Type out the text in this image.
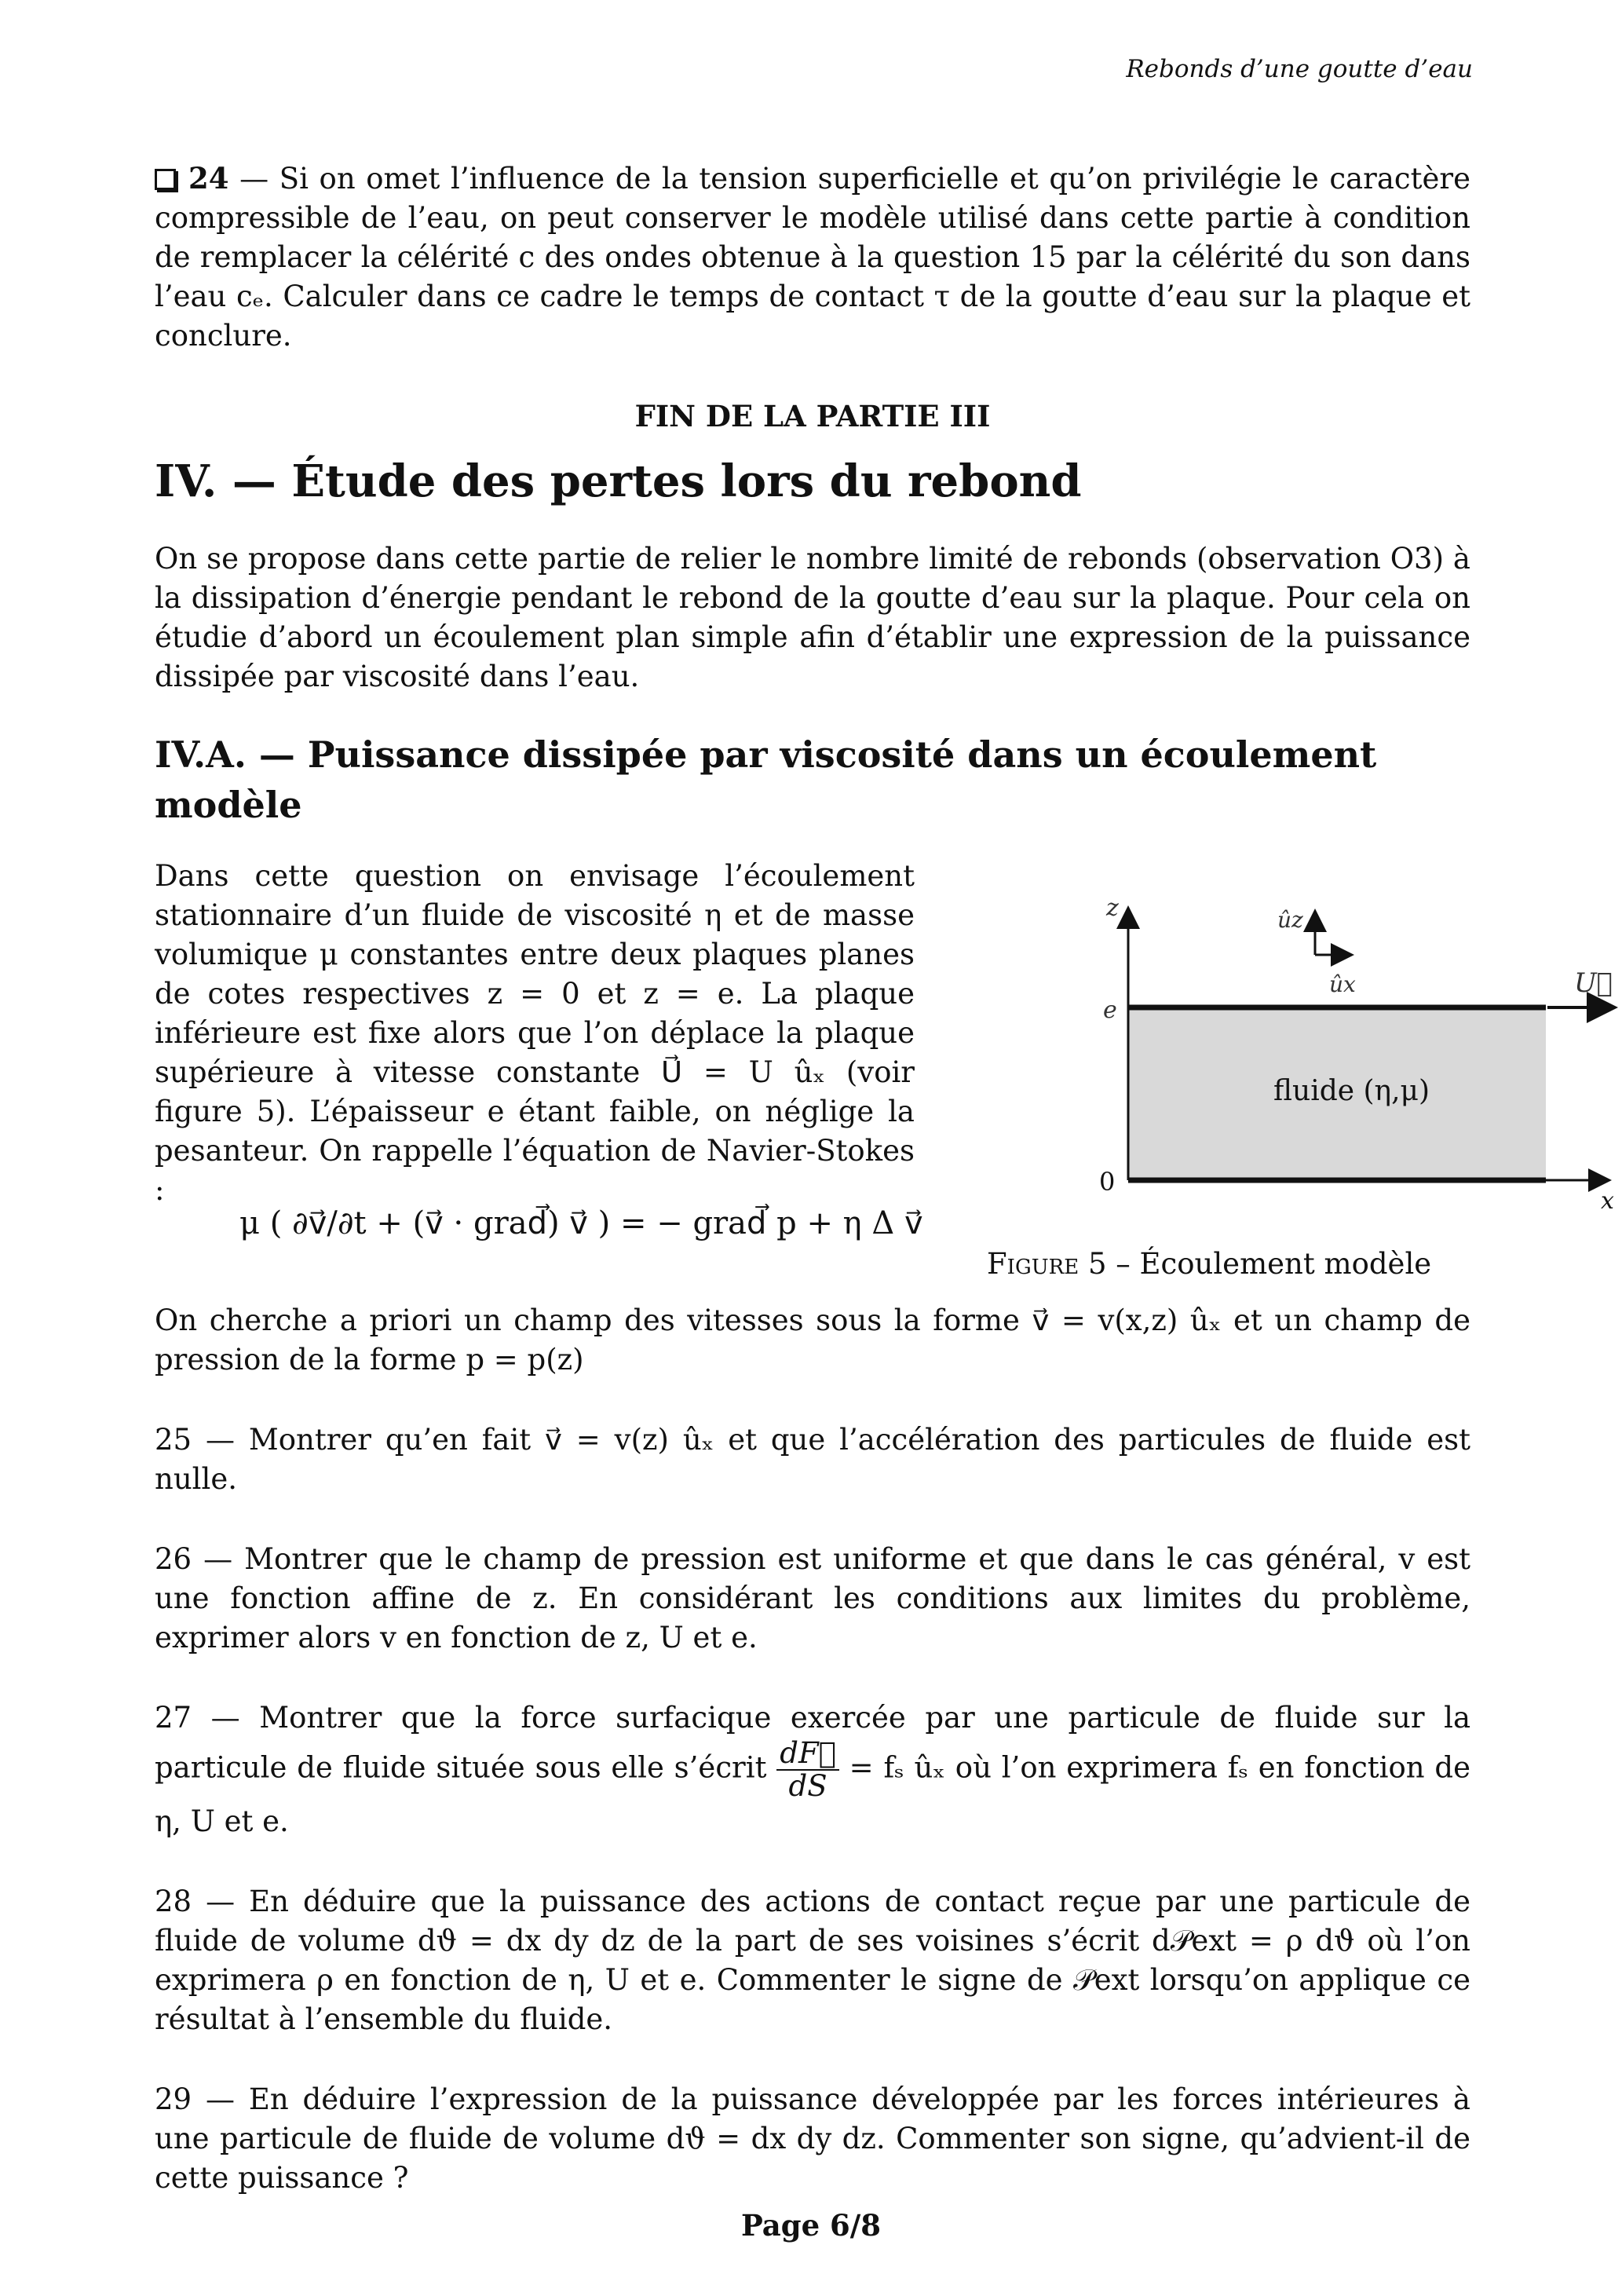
Rebonds d’une goutte d’eau

24 — Si on omet l’influence de la tension superficielle et qu’on privilégie le caractère compressible de l’eau, on peut conserver le modèle utilisé dans cette partie à condition de remplacer la célérité c des ondes obtenue à la question 15 par la célérité du son dans l’eau cₑ. Calculer dans ce cadre le temps de contact τ de la goutte d’eau sur la plaque et conclure.

FIN DE LA PARTIE III
IV. — Étude des pertes lors du rebond

On se propose dans cette partie de relier le nombre limité de rebonds (observation O3) à la dissipation d’énergie pendant le rebond de la goutte d’eau sur la plaque. Pour cela on étudie d’abord un écoulement plan simple afin d’établir une expression de la puissance dissipée par viscosité dans l’eau.

IV.A. — Puissance dissipée par viscosité dans un écoulement modèle
Dans cette question on envisage l’écoulement stationnaire d’un fluide de viscosité η et de masse volumique μ constantes entre deux plaques planes de cotes respectives z = 0 et z = e. La plaque inférieure est fixe alors que l’on déplace la plaque supérieure à vitesse constante U⃗ = U ûₓ (voir figure 5). L’épaisseur e étant faible, on néglige la pesanteur. On rappelle l’équation de Navier-Stokes :
μ ( ∂v⃗/∂t + (v⃗ · grad⃗) v⃗ ) = − grad⃗ p + η Δ v⃗
z
e
0
x
ûz
ûx	U⃗
fluide (η,μ)
Figure 5 – Écoulement modèle

On cherche a priori un champ des vitesses sous la forme v⃗ = v(x,z) ûₓ et un champ de pression de la forme p = p(z)

25 — Montrer qu’en fait v⃗ = v(z) ûₓ et que l’accélération des particules de fluide est nulle.
26 — Montrer que le champ de pression est uniforme et que dans le cas général, v est une fonction affine de z. En considérant les conditions aux limites du problème, exprimer alors v en fonction de z, U et e.
27 — Montrer que la force surfacique exercée par une particule de fluide sur la particule de fluide située sous elle s’écrit $\frac{dF⃗}{dS} = f_s$ ûₓ où l’on exprimera fₛ en fonction de η, U et e.
28 — En déduire que la puissance des actions de contact reçue par une particule de fluide de volume dϑ = dx dy dz de la part de ses voisines s’écrit d𝒫ext = ρ dϑ où l’on exprimera ρ en fonction de η, U et e. Commenter le signe de 𝒫ext lorsqu’on applique ce résultat à l’ensemble du fluide.
29 — En déduire l’expression de la puissance développée par les forces intérieures à une particule de fluide de volume dϑ = dx dy dz. Commenter son signe, qu’advient-il de cette puissance ?
Page 6/8
